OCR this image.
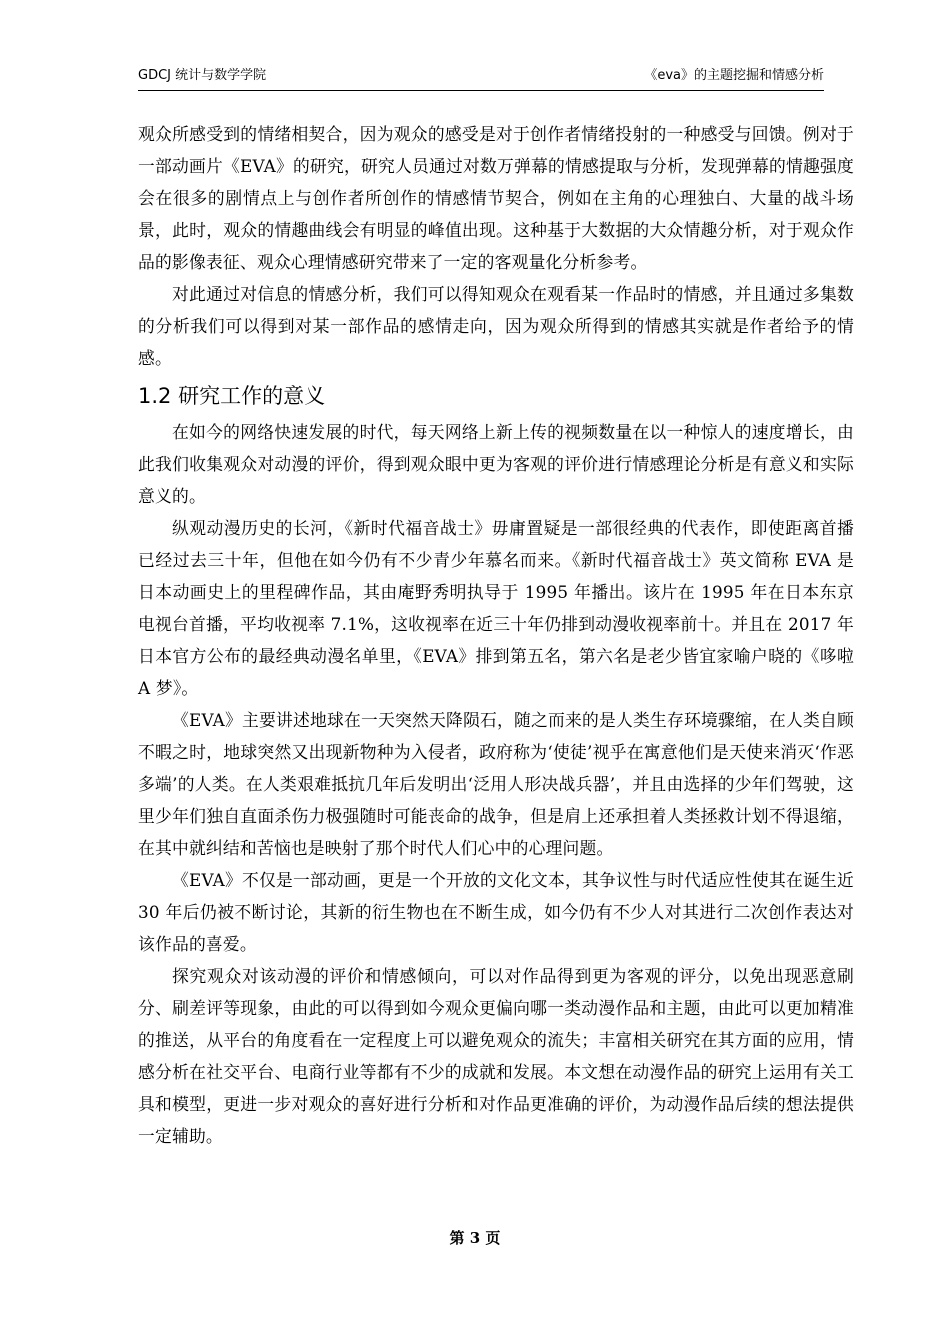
GDCJ 统计与数学学院	《eva》的主题挖掘和情感分析

观众所感受到的情绪相契合，因为观众的感受是对于创作者情绪投射的一种感受与回馈。例对于一部动画片《EVA》的研究，研究人员通过对数万弹幕的情感提取与分析，发现弹幕的情趣强度会在很多的剧情点上与创作者所创作的情感情节契合，例如在主角的心理独白、大量的战斗场景，此时，观众的情趣曲线会有明显的峰值出现。这种基于大数据的大众情趣分析，对于观众作品的影像表征、观众心理情感研究带来了一定的客观量化分析参考。

对此通过对信息的情感分析，我们可以得知观众在观看某一作品时的情感，并且通过多集数的分析我们可以得到对某一部作品的感情走向，因为观众所得到的情感其实就是作者给予的情感。

1.2 研究工作的意义

在如今的网络快速发展的时代，每天网络上新上传的视频数量在以一种惊人的速度增长，由此我们收集观众对动漫的评价，得到观众眼中更为客观的评价进行情感理论分析是有意义和实际意义的。

纵观动漫历史的长河，《新时代福音战士》毋庸置疑是一部很经典的代表作，即使距离首播已经过去三十年，但他在如今仍有不少青少年慕名而来。《新时代福音战士》英文简称 EVA 是日本动画史上的里程碑作品，其由庵野秀明执导于 1995 年播出。该片在 1995 年在日本东京电视台首播，平均收视率 7.1%，这收视率在近三十年仍排到动漫收视率前十。并且在 2017 年日本官方公布的最经典动漫名单里，《EVA》排到第五名，第六名是老少皆宜家喻户晓的《哆啦 A 梦》。

《EVA》主要讲述地球在一天突然天降陨石，随之而来的是人类生存环境骤缩，在人类自顾不暇之时，地球突然又出现新物种为入侵者，政府称为‘使徒’视乎在寓意他们是天使来消灭‘作恶多端’的人类。在人类艰难抵抗几年后发明出‘泛用人形决战兵器’，并且由选择的少年们驾驶，这里少年们独自直面杀伤力极强随时可能丧命的战争，但是肩上还承担着人类拯救计划不得退缩，在其中就纠结和苦恼也是映射了那个时代人们心中的心理问题。

《EVA》不仅是一部动画，更是一个开放的文化文本，其争议性与时代适应性使其在诞生近 30 年后仍被不断讨论，其新的衍生物也在不断生成，如今仍有不少人对其进行二次创作表达对该作品的喜爱。

探究观众对该动漫的评价和情感倾向，可以对作品得到更为客观的评分，以免出现恶意刷分、刷差评等现象，由此的可以得到如今观众更偏向哪一类动漫作品和主题，由此可以更加精准的推送，从平台的角度看在一定程度上可以避免观众的流失；丰富相关研究在其方面的应用，情感分析在社交平台、电商行业等都有不少的成就和发展。本文想在动漫作品的研究上运用有关工具和模型，更进一步对观众的喜好进行分析和对作品更准确的评价，为动漫作品后续的想法提供一定辅助。

第 3 页
